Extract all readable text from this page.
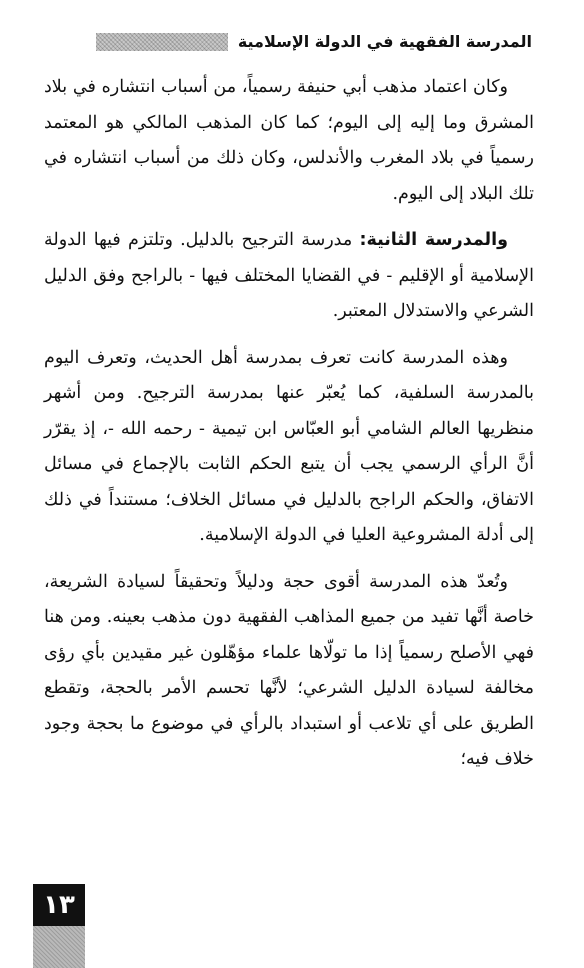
المدرسة الفقهية في الدولة الإسلامية

وكان اعتماد مذهب أبي حنيفة رسمياً، من أسباب انتشاره في بلاد المشرق وما إليه إلى اليوم؛ كما كان المذهب المالكي هو المعتمد رسمياً في بلاد المغرب والأندلس، وكان ذلك من أسباب انتشاره في تلك البلاد إلى اليوم.

والمدرسة الثانية: مدرسة الترجيح بالدليل. وتلتزم فيها الدولة الإسلامية أو الإقليم - في القضايا المختلف فيها - بالراجح وفق الدليل الشرعي والاستدلال المعتبر.

وهذه المدرسة كانت تعرف بمدرسة أهل الحديث، وتعرف اليوم بالمدرسة السلفية، كما يُعبّر عنها بمدرسة الترجيح. ومن أشهر منظريها العالم الشامي أبو العبّاس ابن تيمية - رحمه الله -، إذ يقرّر أنَّ الرأي الرسمي يجب أن يتبع الحكم الثابت بالإجماع في مسائل الاتفاق، والحكم الراجح بالدليل في مسائل الخلاف؛ مستنداً في ذلك إلى أدلة المشروعية العليا في الدولة الإسلامية.

وتُعدّ هذه المدرسة أقوى حجة ودليلاً وتحقيقاً لسيادة الشريعة، خاصة أنَّها تفيد من جميع المذاهب الفقهية دون مذهب بعينه. ومن هنا فهي الأصلح رسمياً إذا ما تولّاها علماء مؤهّلون غير مقيدين بأي رؤى مخالفة لسيادة الدليل الشرعي؛ لأنَّها تحسم الأمر بالحجة، وتقطع الطريق على أي تلاعب أو استبداد بالرأي في موضوع ما بحجة وجود خلاف فيه؛

١٣
